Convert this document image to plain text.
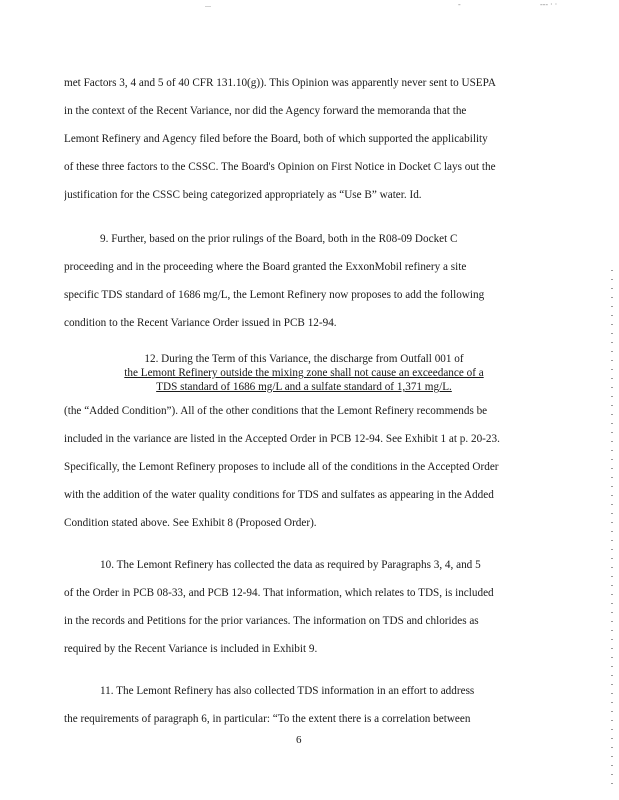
...	-	--- · ·
met Factors 3, 4 and 5 of 40 CFR 131.10(g)). This Opinion was apparently never sent to USEPA
in the context of the Recent Variance, nor did the Agency forward the memoranda that the
Lemont Refinery and Agency filed before the Board, both of which supported the applicability
of these three factors to the CSSC. The Board's Opinion on First Notice in Docket C lays out the
justification for the CSSC being categorized appropriately as “Use B” water. Id.
9. Further, based on the prior rulings of the Board, both in the R08-09 Docket C
proceeding and in the proceeding where the Board granted the ExxonMobil refinery a site
specific TDS standard of 1686 mg/L, the Lemont Refinery now proposes to add the following
condition to the Recent Variance Order issued in PCB 12-94.
12. During the Term of this Variance, the discharge from Outfall 001 of
the Lemont Refinery outside the mixing zone shall not cause an exceedance of a
TDS standard of 1686 mg/L and a sulfate standard of 1,371 mg/L.
(the “Added Condition”). All of the other conditions that the Lemont Refinery recommends be
included in the variance are listed in the Accepted Order in PCB 12-94. See Exhibit 1 at p. 20-23.
Specifically, the Lemont Refinery proposes to include all of the conditions in the Accepted Order
with the addition of the water quality conditions for TDS and sulfates as appearing in the Added
Condition stated above. See Exhibit 8 (Proposed Order).
10. The Lemont Refinery has collected the data as required by Paragraphs 3, 4, and 5
of the Order in PCB 08-33, and PCB 12-94. That information, which relates to TDS, is included
in the records and Petitions for the prior variances. The information on TDS and chlorides as
required by the Recent Variance is included in Exhibit 9.
11. The Lemont Refinery has also collected TDS information in an effort to address
the requirements of paragraph 6, in particular: “To the extent there is a correlation between
6
